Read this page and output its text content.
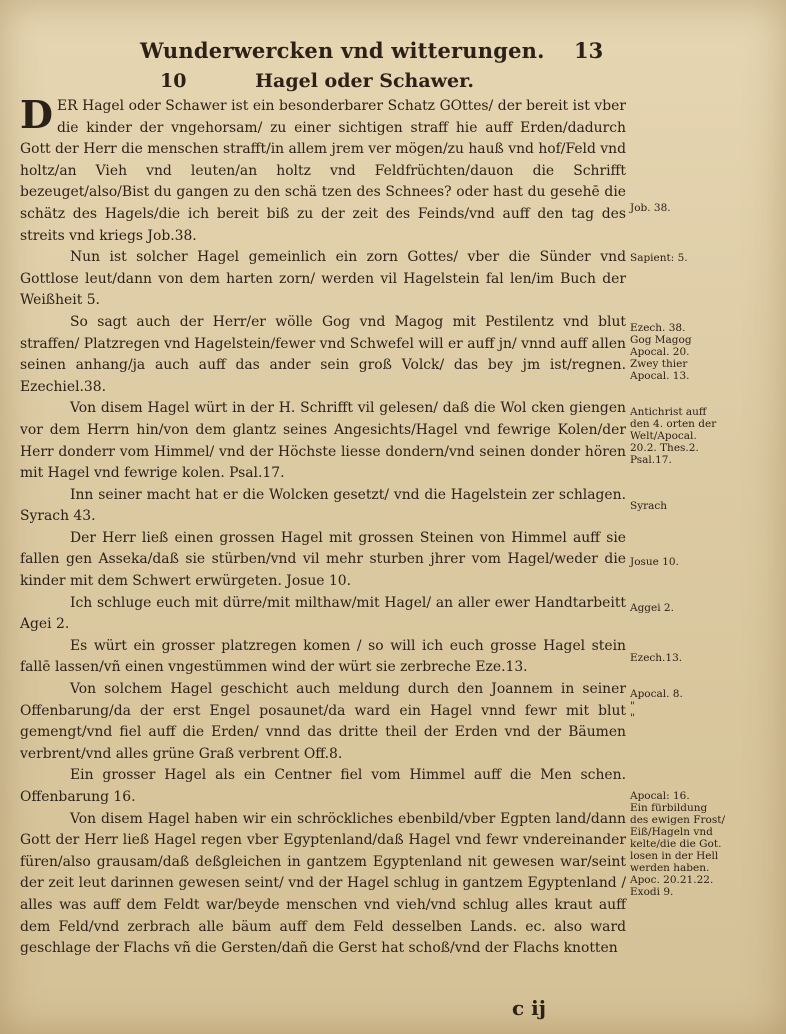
Wunderwercken vnd witterungen. 13
10	Hagel oder Schawer.

DER Hagel oder Schawer ist ein besonderbarer Schatz GOttes/ der bereit ist vber die kinder der vngehorsam/ zu einer sichtigen straff hie auff Erden/dadurch Gott der Herr die menschen strafft/in allem jrem ver mögen/zu hauß vnd hof/Feld vnd holtz/an Vieh vnd leuten/an holtz vnd Feldfrüchten/dauon die Schrifft bezeuget/also/Bist du gangen zu den schä tzen des Schnees? oder hast du gesehē die schätz des Hagels/die ich bereit biß zu der zeit des Feinds/vnd auff den tag des streits vnd kriegs Job.38.

Nun ist solcher Hagel gemeinlich ein zorn Gottes/ vber die Sünder vnd Gottlose leut/dann von dem harten zorn/ werden vil Hagelstein fal len/im Buch der Weißheit 5.

So sagt auch der Herr/er wölle Gog vnd Magog mit Pestilentz vnd blut straffen/ Platzregen vnd Hagelstein/fewer vnd Schwefel will er auff jn/ vnnd auff allen seinen anhang/ja auch auff das ander sein groß Volck/ das bey jm ist/regnen. Ezechiel.38.

Von disem Hagel würt in der H. Schrifft vil gelesen/ daß die Wol cken giengen vor dem Herrn hin/von dem glantz seines Angesichts/Hagel vnd fewrige Kolen/der Herr donderr vom Himmel/ vnd der Höchste liesse dondern/vnd seinen donder hören mit Hagel vnd fewrige kolen. Psal.17.

Inn seiner macht hat er die Wolcken gesetzt/ vnd die Hagelstein zer schlagen. Syrach 43.

Der Herr ließ einen grossen Hagel mit grossen Steinen von Himmel auff sie fallen gen Asseka/daß sie stürben/vnd vil mehr sturben jhrer vom Hagel/weder die kinder mit dem Schwert erwürgeten. Josue 10.

Ich schluge euch mit dürre/mit milthaw/mit Hagel/ an aller ewer Handtarbeitt Agei 2.

Es würt ein grosser platzregen komen / so will ich euch grosse Hagel stein fallē lassen/vñ einen vngestümmen wind der würt sie zerbreche Eze.13.

Von solchem Hagel geschicht auch meldung durch den Joannem in seiner Offenbarung/da der erst Engel posaunet/da ward ein Hagel vnnd fewr mit blut gemengt/vnd fiel auff die Erden/ vnnd das dritte theil der Erden vnd der Bäumen verbrent/vnd alles grüne Graß verbrent Off.8.

Ein grosser Hagel als ein Centner fiel vom Himmel auff die Men schen. Offenbarung 16.

Von disem Hagel haben wir ein schröckliches ebenbild/vber Egpten land/dann Gott der Herr ließ Hagel regen vber Egyptenland/daß Hagel vnd fewr vndereinander füren/also grausam/daß deßgleichen in gantzem Egyptenland nit gewesen war/seint der zeit leut darinnen gewesen seint/ vnd der Hagel schlug in gantzem Egyptenland / alles was auff dem Feldt war/beyde menschen vnd vieh/vnd schlug alles kraut auff dem Feld/vnd zerbrach alle bäum auff dem Feld desselben Lands. ec. also ward geschlage der Flachs vñ die Gersten/dañ die Gerst hat schoß/vnd der Flachs knotten

Job. 38.
Sapient: 5.
Ezech. 38.
Gog Magog
Apocal. 20.
Zwey thier
Apocal. 13.
Antichrist auff
den 4. orten der
Welt/Apocal.
20.2. Thes.2.
Psal.17.
Syrach
Josue 10.
Aggei 2.
Ezech.13.
Apocal. 8.
"
"
Apocal: 16.
Ein fürbildung
des ewigen Frost/
Eiß/Hageln vnd
kelte/die die Got.
losen in der Hell
werden haben.
Apoc. 20.21.22.
Exodi 9.
c ij
